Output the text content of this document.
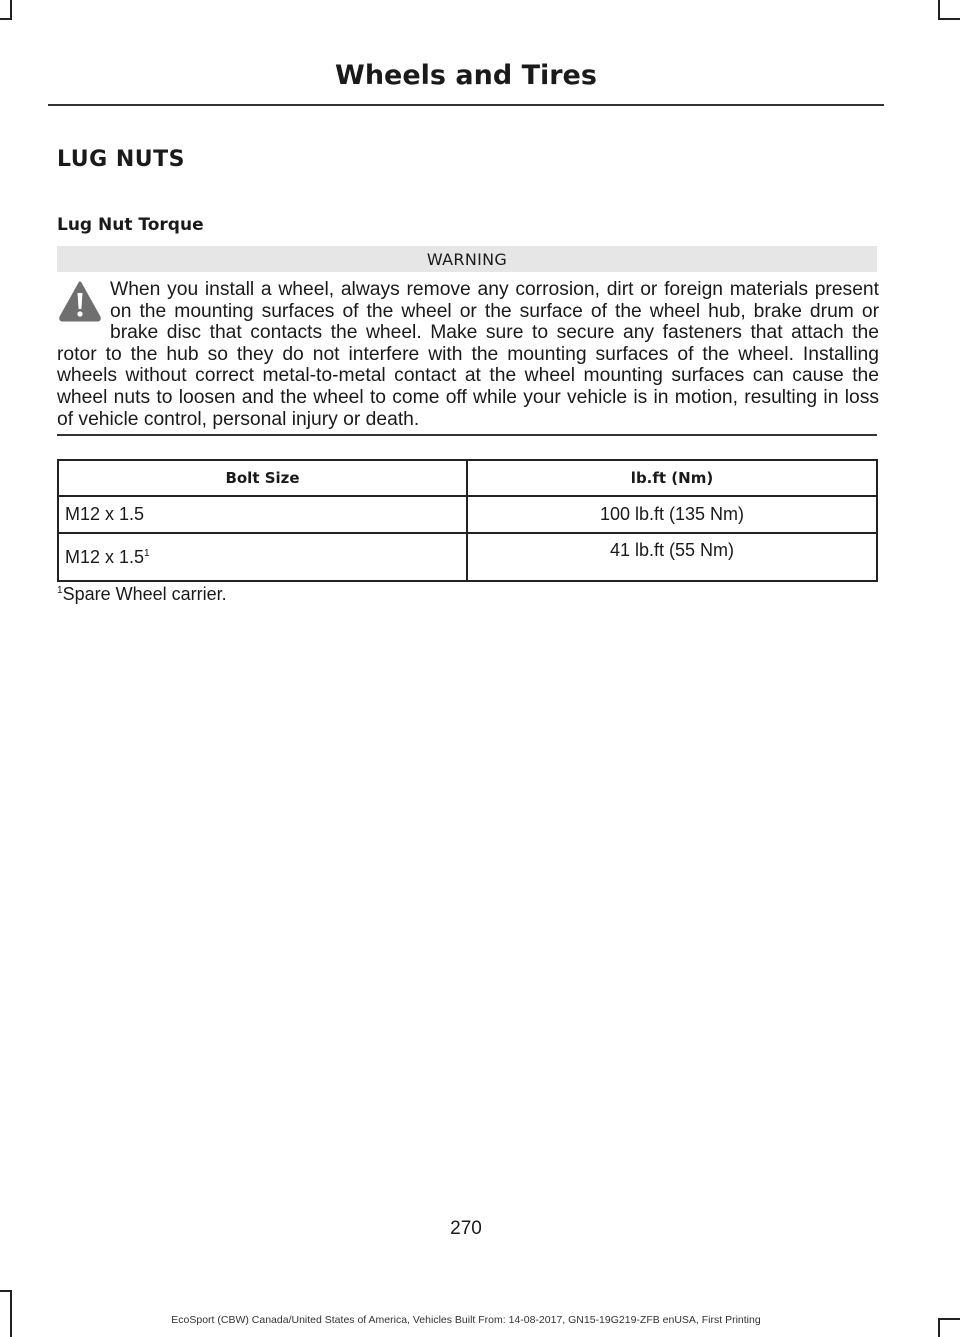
Wheels and Tires
LUG NUTS
Lug Nut Torque
WARNING
When you install a wheel, always remove any corrosion, dirt or foreign materials present on the mounting surfaces of the wheel or the surface of the wheel hub, brake drum or brake disc that contacts the wheel. Make sure to secure any fasteners that attach the rotor to the hub so they do not interfere with the mounting surfaces of the wheel. Installing wheels without correct metal-to-metal contact at the wheel mounting surfaces can cause the wheel nuts to loosen and the wheel to come off while your vehicle is in motion, resulting in loss of vehicle control, personal injury or death.
Bolt Size	lb.ft (Nm)
M12 x 1.5	100 lb.ft (135 Nm)
M12 x $1.5^1$	41 lb.ft (55 Nm)
$^1$Spare Wheel carrier.
270
EcoSport (CBW) Canada/United States of America, Vehicles Built From: 14-08-2017, GN15-19G219-ZFB enUSA, First Printing
